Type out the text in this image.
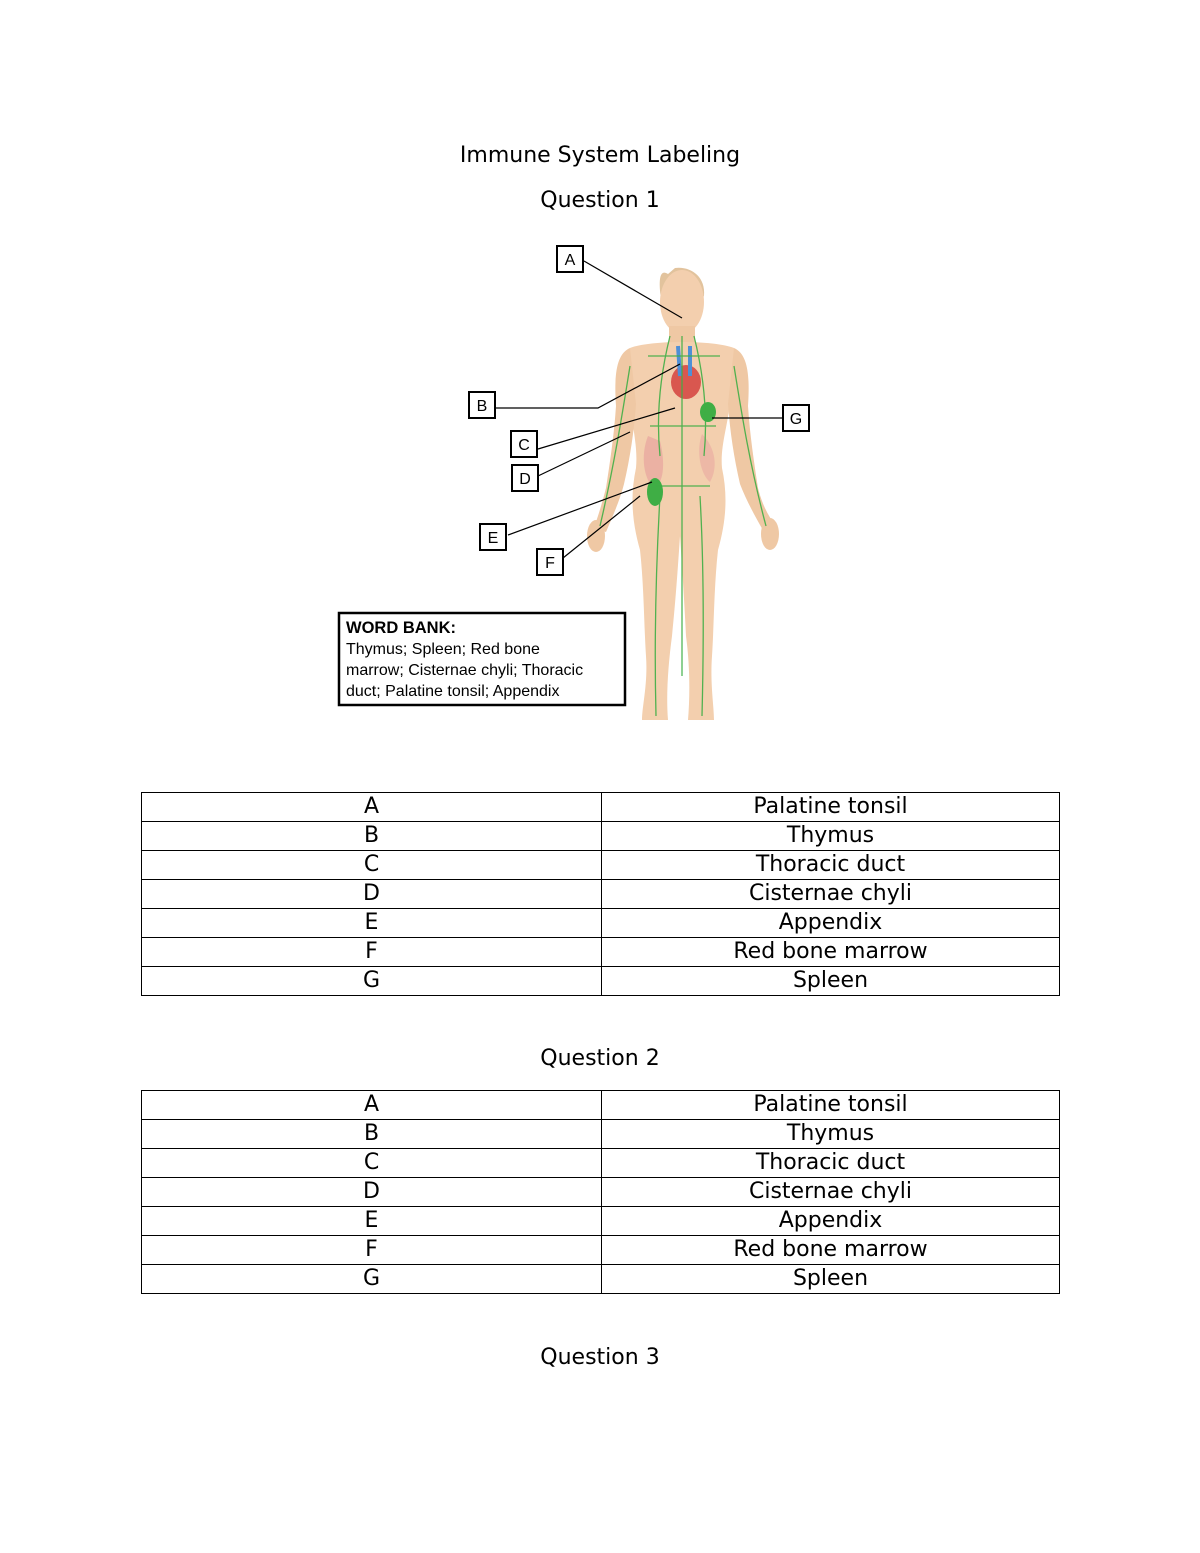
Immune System Labeling
Question 1
A
B
C
D
E
F
G
WORD BANK:
Thymus; Spleen; Red bone
marrow; Cisternae chyli; Thoracic
duct; Palatine tonsil; Appendix
A	Palatine tonsil
B	Thymus
C	Thoracic duct
D	Cisternae chyli
E	Appendix
F	Red bone marrow
G	Spleen
Question 2
A	Palatine tonsil
B	Thymus
C	Thoracic duct
D	Cisternae chyli
E	Appendix
F	Red bone marrow
G	Spleen
Question 3
